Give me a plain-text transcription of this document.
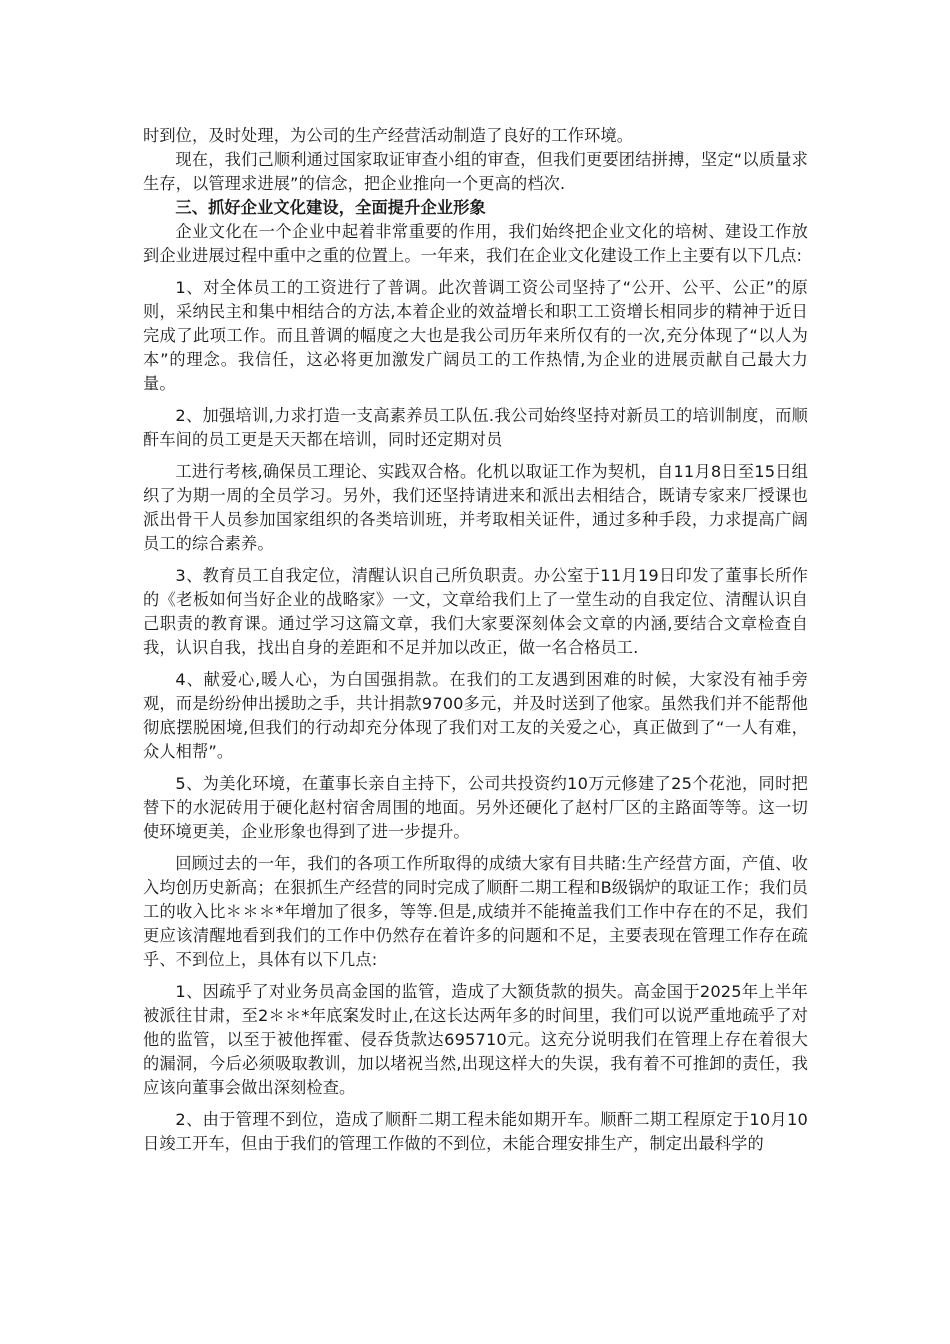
时到位，及时处理，为公司的生产经营活动制造了良好的工作环境。

现在，我们己顺利通过国家取证审查小组的审查，但我们更要团结拼搏，坚定“以质量求生存，以管理求进展”的信念，把企业推向一个更高的档次.

三、抓好企业文化建设，全面提升企业形象

企业文化在一个企业中起着非常重要的作用，我们始终把企业文化的培树、建设工作放到企业进展过程中重中之重的位置上。一年来，我们在企业文化建设工作上主要有以下几点:

1、对全体员工的工资进行了普调。此次普调工资公司坚持了“公开、公平、公正”的原则，采纳民主和集中相结合的方法,本着企业的效益增长和职工工资增长相同步的精神于近日完成了此项工作。而且普调的幅度之大也是我公司历年来所仅有的一次,充分体现了“以人为本”的理念。我信任，这必将更加激发广阔员工的工作热情,为企业的进展贡献自己最大力量。

2、加强培训,力求打造一支高素养员工队伍.我公司始终坚持对新员工的培训制度，而顺酐车间的员工更是天天都在培训，同时还定期对员

工进行考核,确保员工理论、实践双合格。化机以取证工作为契机，自11月8日至15日组织了为期一周的全员学习。另外，我们还坚持请进来和派出去相结合，既请专家来厂授课也派出骨干人员参加国家组织的各类培训班，并考取相关证件，通过多种手段，力求提高广阔员工的综合素养。

3、教育员工自我定位，清醒认识自己所负职责。办公室于11月19日印发了董事长所作的《老板如何当好企业的战略家》一文，文章给我们上了一堂生动的自我定位、清醒认识自己职责的教育课。通过学习这篇文章，我们大家要深刻体会文章的内涵,要结合文章检查自我，认识自我，找出自身的差距和不足并加以改正，做一名合格员工.

4、献爱心,暖人心，为白国强捐款。在我们的工友遇到困难的时候，大家没有袖手旁观，而是纷纷伸出援助之手，共计捐款9700多元，并及时送到了他家。虽然我们并不能帮他彻底摆脱困境,但我们的行动却充分体现了我们对工友的关爱之心，真正做到了“一人有难，众人相帮”。

5、为美化环境，在董事长亲自主持下，公司共投资约10万元修建了25个花池，同时把替下的水泥砖用于硬化赵村宿舍周围的地面。另外还硬化了赵村厂区的主路面等等。这一切使环境更美，企业形象也得到了进一步提升。

回顾过去的一年，我们的各项工作所取得的成绩大家有目共睹:生产经营方面，产值、收入均创历史新高；在狠抓生产经营的同时完成了顺酐二期工程和B级锅炉的取证工作；我们员工的收入比＊＊＊*年增加了很多，等等.但是,成绩并不能掩盖我们工作中存在的不足，我们更应该清醒地看到我们的工作中仍然存在着许多的问题和不足，主要表现在管理工作存在疏乎、不到位上，具体有以下几点:

1、因疏乎了对业务员高金国的监管，造成了大额货款的损失。高金国于2025年上半年被派往甘肃，至2＊＊*年底案发时止,在这长达两年多的时间里，我们可以说严重地疏乎了对他的监管，以至于被他挥霍、侵吞货款达695710元。这充分说明我们在管理上存在着很大的漏洞，今后必须吸取教训，加以堵祝当然,出现这样大的失误，我有着不可推卸的责任，我应该向董事会做出深刻检查。

2、由于管理不到位，造成了顺酐二期工程未能如期开车。顺酐二期工程原定于10月10日竣工开车，但由于我们的管理工作做的不到位，未能合理安排生产，制定出最科学的
